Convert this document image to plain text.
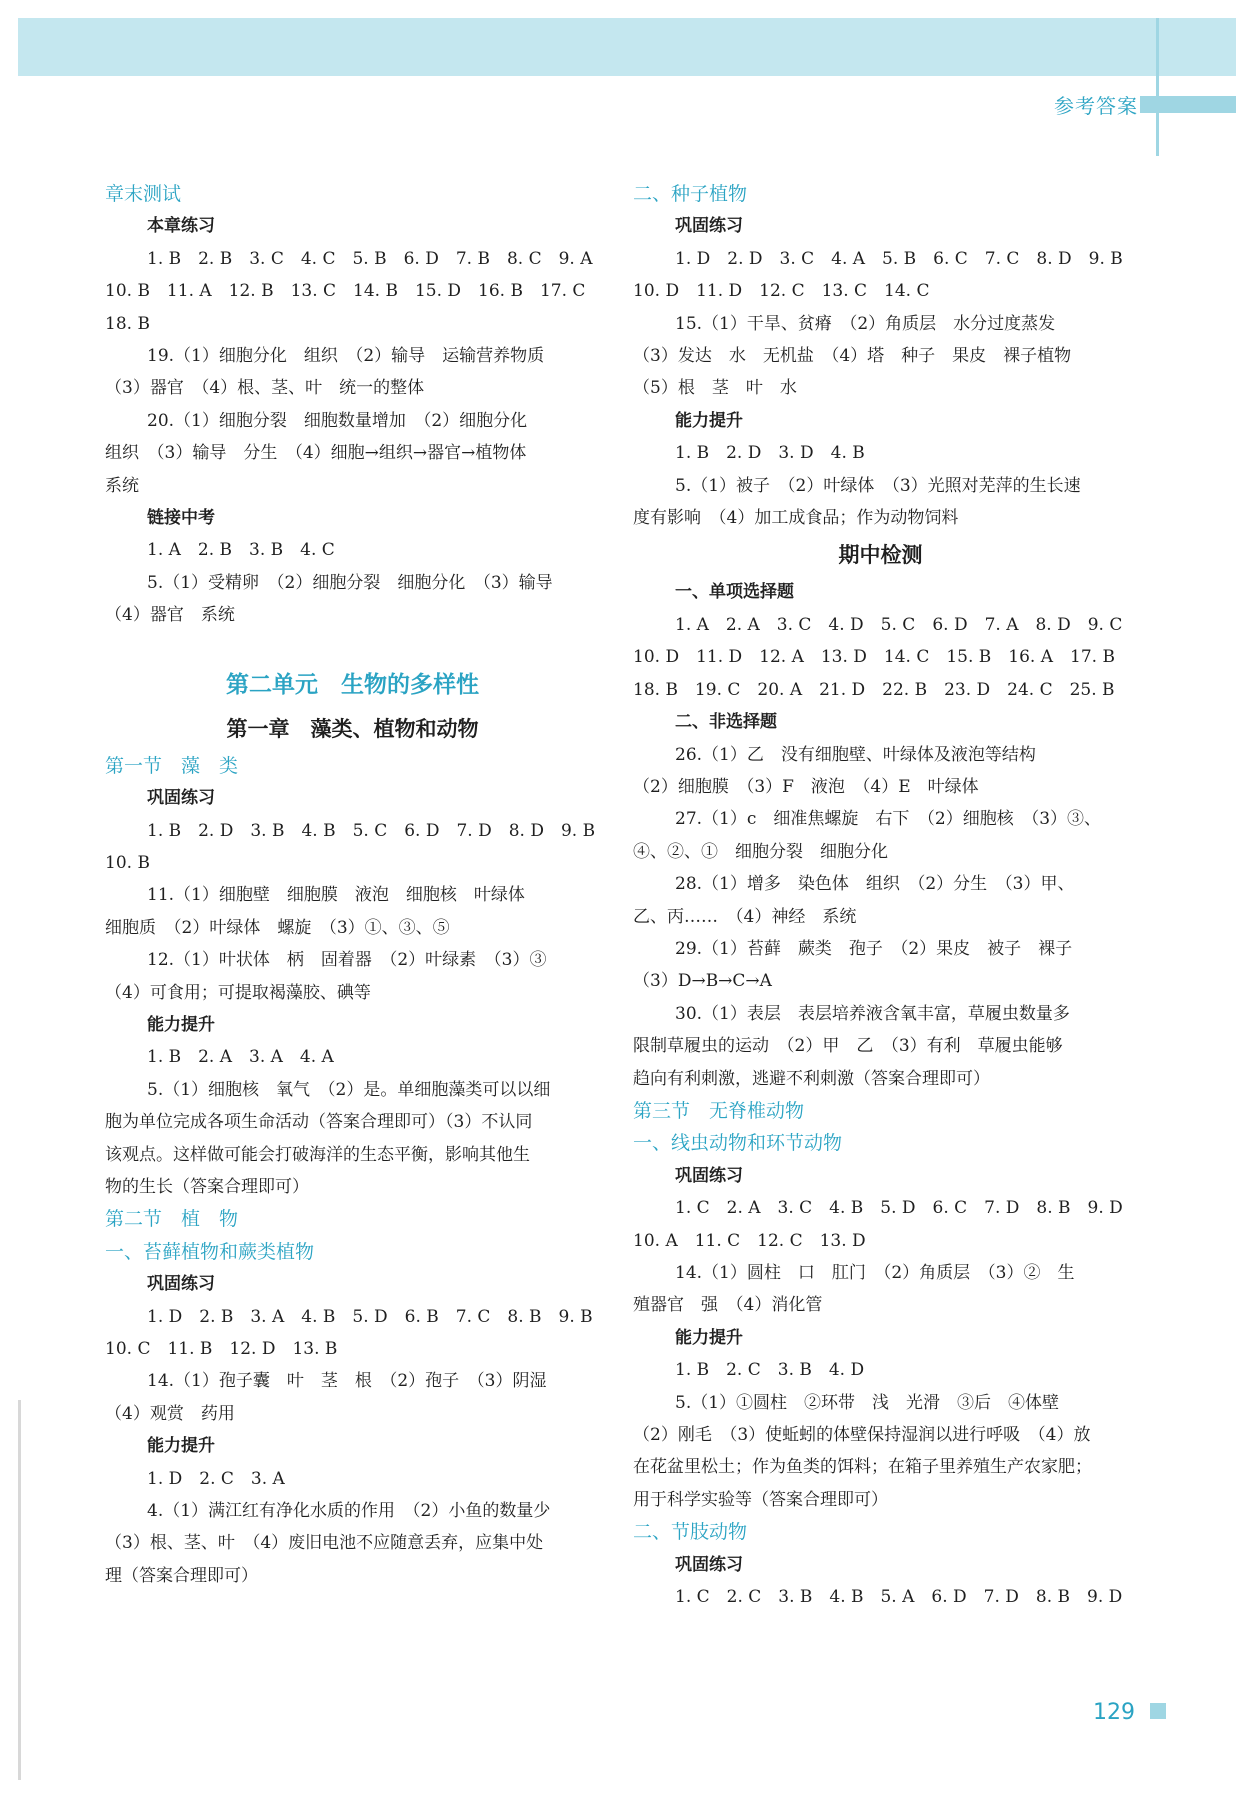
参考答案
章末测试
本章练习
1. B　2. B　3. C　4. C　5. B　6. D　7. B　8. C　9. A
10. B　11. A　12. B　13. C　14. B　15. D　16. B　17. C
18. B
19.（1）细胞分化　组织　（2）输导　运输营养物质
（3）器官　（4）根、茎、叶　统一的整体
20.（1）细胞分裂　细胞数量增加　（2）细胞分化
组织　（3）输导　分生　（4）细胞→组织→器官→植物体
系统
链接中考
1. A　2. B　3. B　4. C
5.（1）受精卵　（2）细胞分裂　细胞分化　（3）输导
（4）器官　系统
第二单元　生物的多样性
第一章　藻类、植物和动物
第一节　藻　类
巩固练习
1. B　2. D　3. B　4. B　5. C　6. D　7. D　8. D　9. B
10. B
11.（1）细胞壁　细胞膜　液泡　细胞核　叶绿体
细胞质　（2）叶绿体　螺旋　（3）①、③、⑤
12.（1）叶状体　柄　固着器　（2）叶绿素　（3）③
（4）可食用；可提取褐藻胶、碘等
能力提升
1. B　2. A　3. A　4. A
5.（1）细胞核　氧气　（2）是。单细胞藻类可以以细
胞为单位完成各项生命活动（答案合理即可）（3）不认同
该观点。这样做可能会打破海洋的生态平衡，影响其他生
物的生长（答案合理即可）
第二节　植　物
一、苔藓植物和蕨类植物
巩固练习
1. D　2. B　3. A　4. B　5. D　6. B　7. C　8. B　9. B
10. C　11. B　12. D　13. B
14.（1）孢子囊　叶　茎　根　（2）孢子　（3）阴湿
（4）观赏　药用
能力提升
1. D　2. C　3. A
4.（1）满江红有净化水质的作用　（2）小鱼的数量少
（3）根、茎、叶　（4）废旧电池不应随意丢弃，应集中处
理（答案合理即可）
二、种子植物
巩固练习
1. D　2. D　3. C　4. A　5. B　6. C　7. C　8. D　9. B
10. D　11. D　12. C　13. C　14. C
15.（1）干旱、贫瘠　（2）角质层　水分过度蒸发
（3）发达　水　无机盐　（4）塔　种子　果皮　裸子植物
（5）根　茎　叶　水
能力提升
1. B　2. D　3. D　4. B
5.（1）被子　（2）叶绿体　（3）光照对芜萍的生长速
度有影响　（4）加工成食品；作为动物饲料
期中检测
一、单项选择题
1. A　2. A　3. C　4. D　5. C　6. D　7. A　8. D　9. C
10. D　11. D　12. A　13. D　14. C　15. B　16. A　17. B
18. B　19. C　20. A　21. D　22. B　23. D　24. C　25. B
二、非选择题
26.（1）乙　没有细胞壁、叶绿体及液泡等结构
（2）细胞膜　（3）F　液泡　（4）E　叶绿体
27.（1）c　细准焦螺旋　右下　（2）细胞核　（3）③、
④、②、①　细胞分裂　细胞分化
28.（1）增多　染色体　组织　（2）分生　（3）甲、
乙、丙……　（4）神经　系统
29.（1）苔藓　蕨类　孢子　（2）果皮　被子　裸子
（3）D→B→C→A
30.（1）表层　表层培养液含氧丰富，草履虫数量多
限制草履虫的运动　（2）甲　乙　（3）有利　草履虫能够
趋向有利刺激，逃避不利刺激（答案合理即可）
第三节　无脊椎动物
一、线虫动物和环节动物
巩固练习
1. C　2. A　3. C　4. B　5. D　6. C　7. D　8. B　9. D
10. A　11. C　12. C　13. D
14.（1）圆柱　口　肛门　（2）角质层　（3）②　生
殖器官　强　（4）消化管
能力提升
1. B　2. C　3. B　4. D
5.（1）①圆柱　②环带　浅　光滑　③后　④体壁
（2）刚毛　（3）使蚯蚓的体壁保持湿润以进行呼吸　（4）放
在花盆里松土；作为鱼类的饵料；在箱子里养殖生产农家肥；
用于科学实验等（答案合理即可）
二、节肢动物
巩固练习
1. C　2. C　3. B　4. B　5. A　6. D　7. D　8. B　9. D
129
